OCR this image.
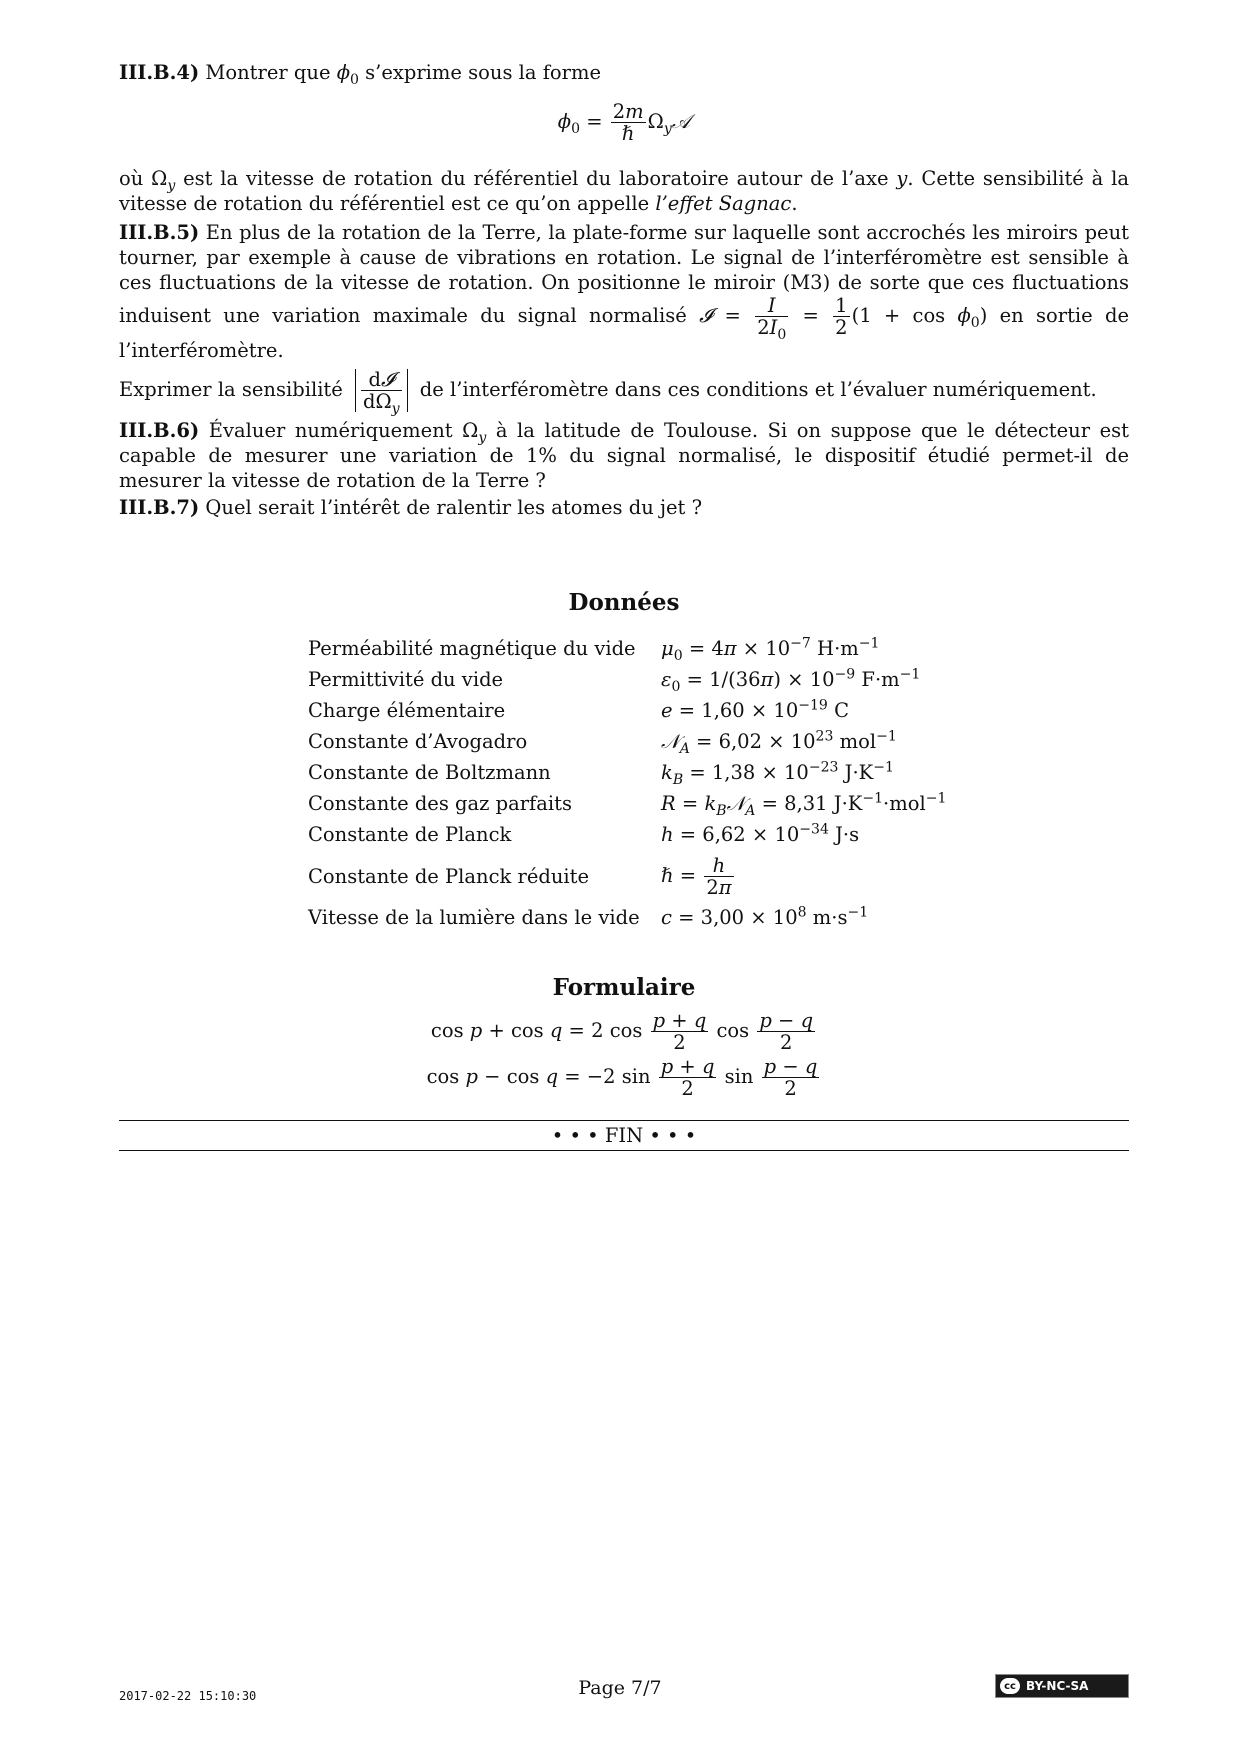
III.B.4) Montrer que $\phi_0$ s’exprime sous la forme

$\phi_0 = \frac{2m}{\text{ℏ}}$ $\Omega_y𝒜$

où $\Omega_y$ est la vitesse de rotation du référentiel du laboratoire autour de l’axe y. Cette sensibilité à la vitesse de rotation du référentiel est ce qu’on appelle l’effet Sagnac.

III.B.5) En plus de la rotation de la Terre, la plate-forme sur laquelle sont accrochés les miroirs peut tourner, par exemple à cause de vibrations en rotation. Le signal de l’interféromètre est sensible à ces fluctuations de la vitesse de rotation. On positionne le miroir (M3) de sorte que ces fluctuations induisent une variation maximale du signal normalisé 𝓘 = $\frac{I}{2I_0} = \frac{1}{2} (1 + \cos \phi_0)$ en sortie de l’interféromètre.

Exprimer la sensibilité $\frac{\text{d𝓘}}{d\Omega_y}$ de l’interféromètre dans ces conditions et l’évaluer numériquement.

III.B.6) Évaluer numériquement $\Omega_y$ à la latitude de Toulouse. Si on suppose que le détecteur est capable de mesurer une variation de 1% du signal normalisé, le dispositif étudié permet-il de mesurer la vitesse de rotation de la Terre ?

III.B.7) Quel serait l’intérêt de ralentir les atomes du jet ?

Données
Perméabilité magnétique du vide	$\mu_0 = 4\pi \times 10^{-7}$ $H\cdot m^{-1}$
Permittivité du vide	$\varepsilon_0 = 1/(36\pi) \times 10^{-9}$ $F\cdot m^{-1}$
Charge élémentaire	$e = 1,60 \times 10^{-19}$ C
Constante d’Avogadro	𝒩$_A$ = $6,02 \times 10^{23}$ mol$^{-1}$
Constante de Boltzmann	$k_B = 1,38 \times 10^{-23}$ $J\cdot K^{-1}$
Constante des gaz parfaits	$R = k_B𝒩_A = 8,31$ $J\cdot K^{-1}\cdot mol^{-1}$
Constante de Planck	$h = 6,62 \times 10^{-34}$ J·s
Constante de Planck réduite	ℏ = $\frac{h}{2\pi}$

Vitesse de la lumière dans le vide	$c = 3,00 \times 10^8$ $m\cdot s^{-1}$
Formulaire
cos p + cos q = 2 $\cos \frac{p + q}{2}$ $\cos \frac{p - q}{2}$
cos p − cos q = −2 $\sin \frac{p + q}{2}$ $\sin \frac{p - q}{2}$
• • • FIN • • •
2017-02-22 15:10:30	Page 7/7	cc BY-NC-SA
